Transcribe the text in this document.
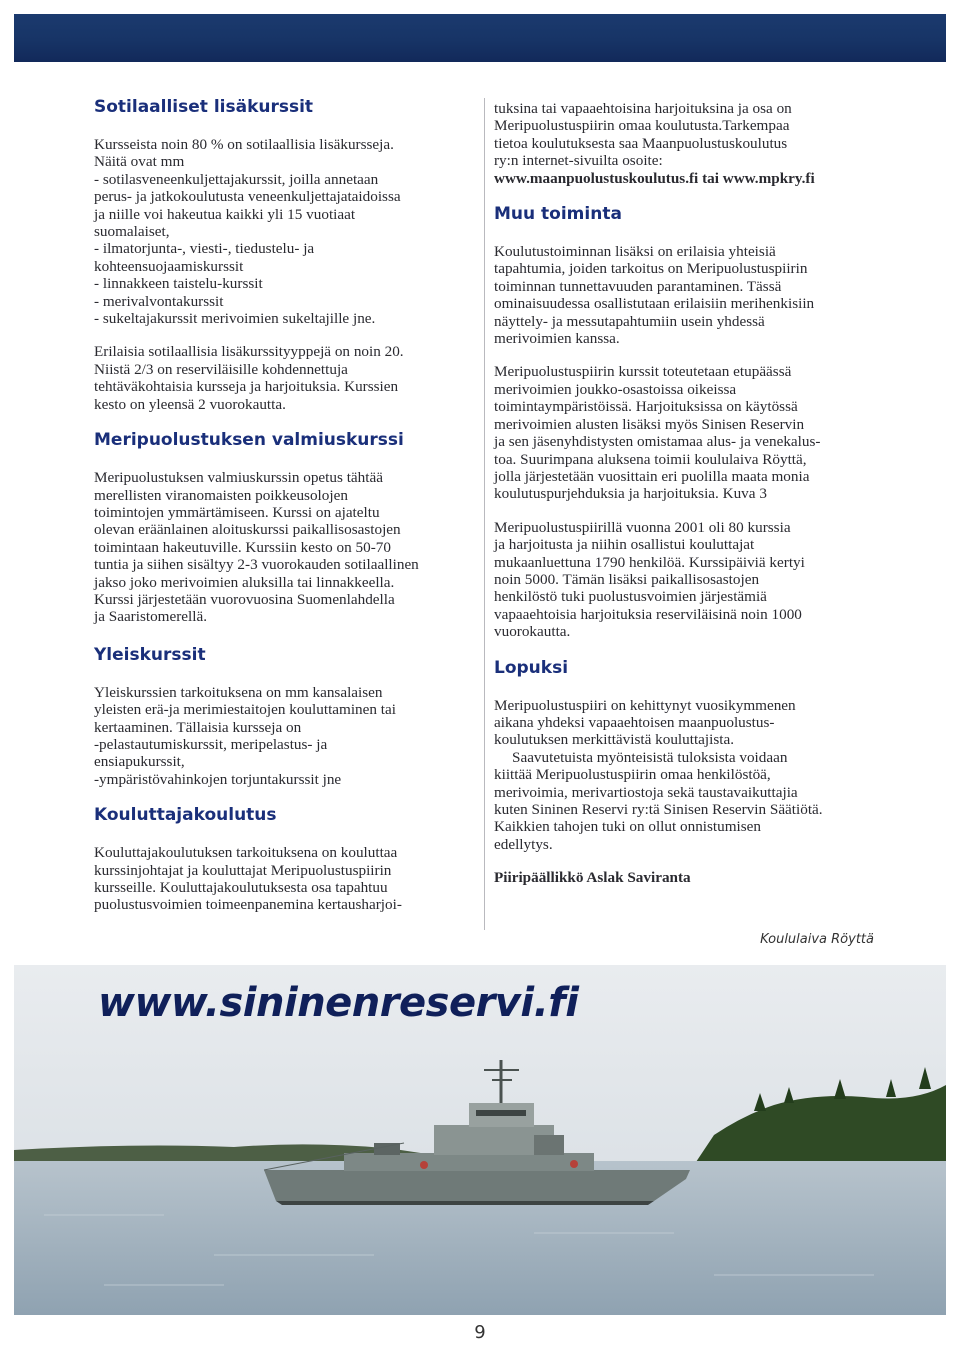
Sotilaalliset lisäkurssit

Kursseista noin 80 % on sotilaallisia lisäkursseja.
Näitä ovat mm
- sotilasveneenkuljettajakurssit, joilla annetaan
perus- ja jatkokoulutusta veneenkuljettajataidoissa
ja niille voi hakeutua kaikki yli 15 vuotiaat
suomalaiset,
- ilmatorjunta-, viesti-, tiedustelu- ja
kohteensuojaamiskurssit
- linnakkeen taistelu-kurssit
- merivalvontakurssit
- sukeltajakurssit merivoimien sukeltajille jne.

Erilaisia sotilaallisia lisäkurssityyppejä on noin 20.
Niistä 2/3 on reserviläisille kohdennettuja
tehtäväkohtaisia kursseja ja harjoituksia. Kurssien
kesto on yleensä 2 vuorokautta.

Meripuolustuksen valmiuskurssi

Meripuolustuksen valmiuskurssin opetus tähtää
merellisten viranomaisten poikkeusolojen
toimintojen ymmärtämiseen. Kurssi on ajateltu
olevan eräänlainen aloituskurssi paikallisosastojen
toimintaan hakeutuville. Kurssiin kesto on 50-70
tuntia ja siihen sisältyy 2-3 vuorokauden sotilaallinen
jakso joko merivoimien aluksilla tai linnakkeella.
Kurssi järjestetään vuorovuosina Suomenlahdella
ja Saaristomerellä.

Yleiskurssit

Yleiskurssien tarkoituksena on mm kansalaisen
yleisten erä-ja merimiestaitojen kouluttaminen tai
kertaaminen. Tällaisia kursseja on
-pelastautumiskurssit, meripelastus- ja
ensiapukurssit,
-ympäristövahinkojen torjuntakurssit jne

Kouluttajakoulutus

Kouluttajakoulutuksen tarkoituksena on kouluttaa
kurssinjohtajat ja kouluttajat Meripuolustuspiirin
kursseille. Kouluttajakoulutuksesta osa tapahtuu
puolustusvoimien toimeenpanemina kertausharjoi-

tuksina tai vapaaehtoisina harjoituksina ja osa on
Meripuolustuspiirin omaa koulutusta.Tarkempaa
tietoa koulutuksesta saa Maanpuolustuskoulutus
ry:n internet-sivuilta osoite:

www.maanpuolustuskoulutus.fi tai www.mpkry.fi

Muu toiminta

Koulutustoiminnan lisäksi on erilaisia yhteisiä
tapahtumia, joiden tarkoitus on Meripuolustuspiirin
toiminnan tunnettavuuden parantaminen. Tässä
ominaisuudessa osallistutaan erilaisiin merihenkisiin
näyttely- ja messutapahtumiin usein yhdessä
merivoimien kanssa.

Meripuolustuspiirin kurssit toteutetaan etupäässä
merivoimien joukko-osastoissa oikeissa
toimintaympäristöissä. Harjoituksissa on käytössä
merivoimien alusten lisäksi myös Sinisen Reservin
ja sen jäsenyhdistysten omistamaa alus- ja venekalus-
toa. Suurimpana aluksena toimii koululaiva Röyttä,
jolla järjestetään vuosittain eri puolilla maata monia
koulutuspurjehduksia ja harjoituksia. Kuva 3

Meripuolustuspiirillä vuonna 2001 oli 80 kurssia
ja harjoitusta ja niihin osallistui kouluttajat
mukaanluettuna 1790 henkilöä. Kurssipäiviä kertyi
noin 5000. Tämän lisäksi paikallisosastojen
henkilöstö tuki puolustusvoimien järjestämiä
vapaaehtoisia harjoituksia reserviläisinä noin 1000
vuorokautta.

Lopuksi

Meripuolustuspiiri on kehittynyt vuosikymmenen
aikana yhdeksi vapaaehtoisen maanpuolustus-
koulutuksen merkittävistä kouluttajista.

Saavutetuista myönteisistä tuloksista voidaan
kiittää Meripuolustuspiirin omaa henkilöstöä,
merivoimia, merivartiostoja sekä taustavaikuttajia
kuten Sininen Reservi ry:tä Sinisen Reservin Säätiötä.
Kaikkien tahojen tuki on ollut onnistumisen
edellytys.

Piiripäällikkö Aslak Saviranta

Koululaiva Röyttä
www.sininenreservi.fi
9
